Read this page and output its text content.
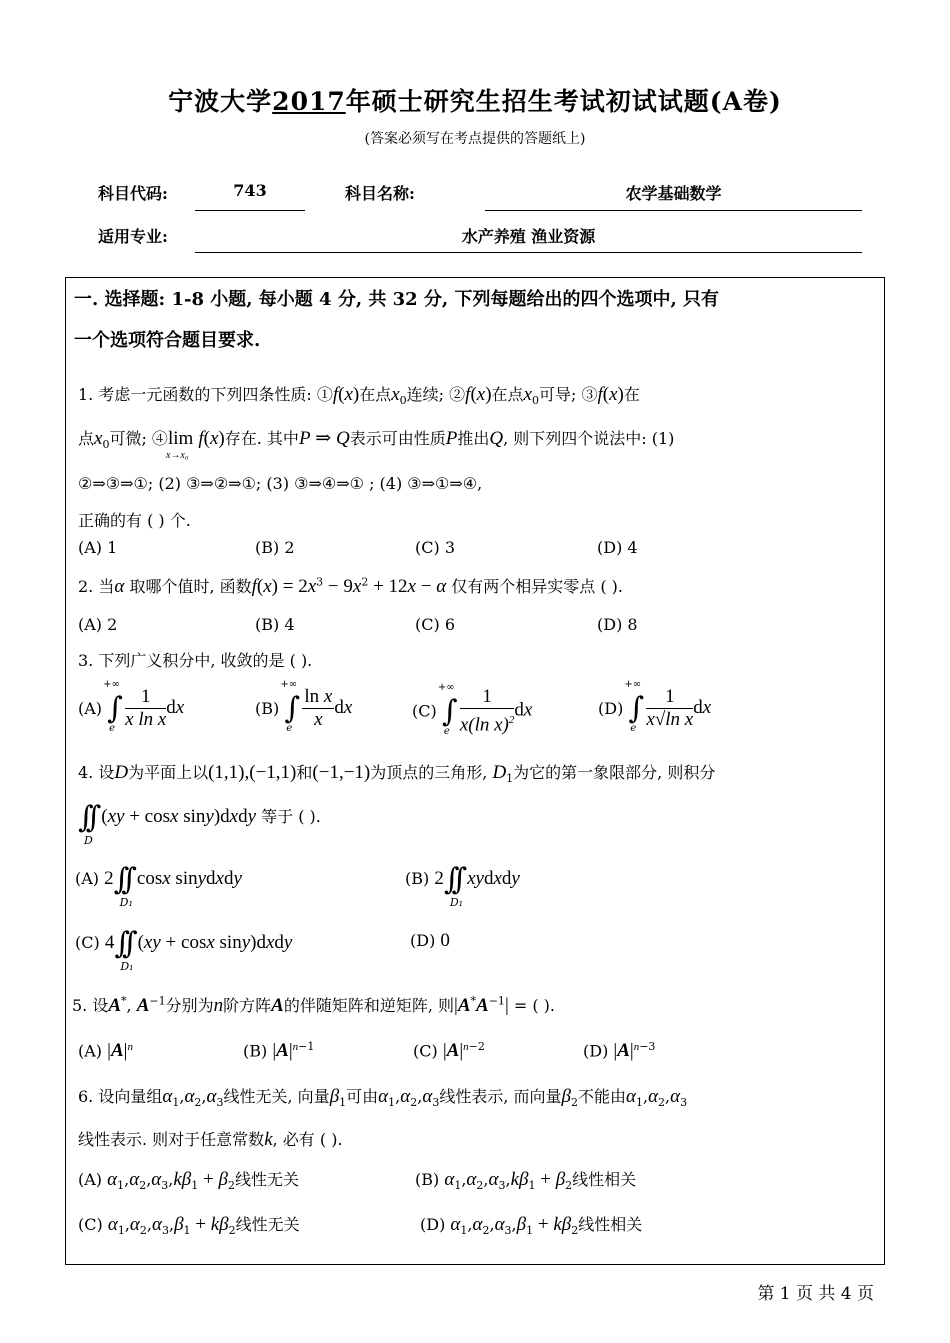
宁波大学2017年硕士研究生招生考试初试试题(A卷)
(答案必须写在考点提供的答题纸上)
科目代码:	743	科目名称:	农学基础数学
适用专业:	水产养殖 渔业资源
一. 选择题: 1-8 小题, 每小题 4 分, 共 32 分, 下列每题给出的四个选项中, 只有
一个选项符合题目要求.
1. 考虑一元函数的下列四条性质: ①f(x)在点$x_0$连续; ②f(x)在点$x_0$可导; ③f(x)在
点$x_0$可微; ④lim
x→x₀
f(x)存在. 其中P ⇒ Q表示可由性质P推出Q, 则下列四个说法中: (1)
②⇒③⇒①; (2) ③⇒②⇒①; (3) ③⇒④⇒① ; (4) ③⇒①⇒④,
正确的有 ( ) 个.
(A) 1	(B) 2	(C) 3	(D) 4
2. 当α 取哪个值时, 函数$f(x) = 2x^3 - 9x^2 + 12x - \alpha$ 仅有两个相异实零点 ( ).
(A) 2	(B) 4	(C) 6	(D) 8
3. 下列广义积分中, 收敛的是 ( ).
(A) ∫
+∞
e $\frac{1}{\text{x ln x}}$ dx	(B) ∫
+∞
e $\frac{\text{ln x}}{x}$ dx	(C) ∫
+∞
e $\frac{1}{x(\ln x)^2}$ dx	(D) ∫
+∞
e $\frac{1}{\text{x√ln x}}$ dx
4. 设D为平面上以(1,1),(−1,1)和(−1,−1)为顶点的三角形, $D_1$为它的第一象限部分, 则积分
∫∫
D
(xy + cosx siny)dxdy 等于 ( ).
(A) 2∫∫
D₁
cosx sinydxdy	(B) 2∫∫
D₁
xydxdy
(C) 4∫∫
D₁
(xy + cosx siny)dxdy	(D) 0
5. 设A*, $A^{-1}$分别为n阶方阵A的伴随矩阵和逆矩阵, 则$|A^*A^{-1}|$ = ( ).
(A) $|A|^n$	(B) $|A|^{n-1}$	(C) $|A|^{n-2}$	(D) $|A|^{n-3}$
6. 设向量组$\alpha_1,\alpha_2,\alpha_3$线性无关, 向量$\beta_1$可由$\alpha_1,\alpha_2,\alpha_3$线性表示, 而向量$\beta_2$不能由$\alpha_1,\alpha_2,\alpha_3$
线性表示. 则对于任意常数k, 必有 ( ).
(A) $\alpha_1,\alpha_2,\alpha_3,k\beta_1 + \beta_2$线性无关	(B) $\alpha_1,\alpha_2,\alpha_3,k\beta_1 + \beta_2$线性相关
(C) $\alpha_1,\alpha_2,\alpha_3,\beta_1 + k\beta_2$线性无关	(D) $\alpha_1,\alpha_2,\alpha_3,\beta_1 + k\beta_2$线性相关
第 1 页 共 4 页
